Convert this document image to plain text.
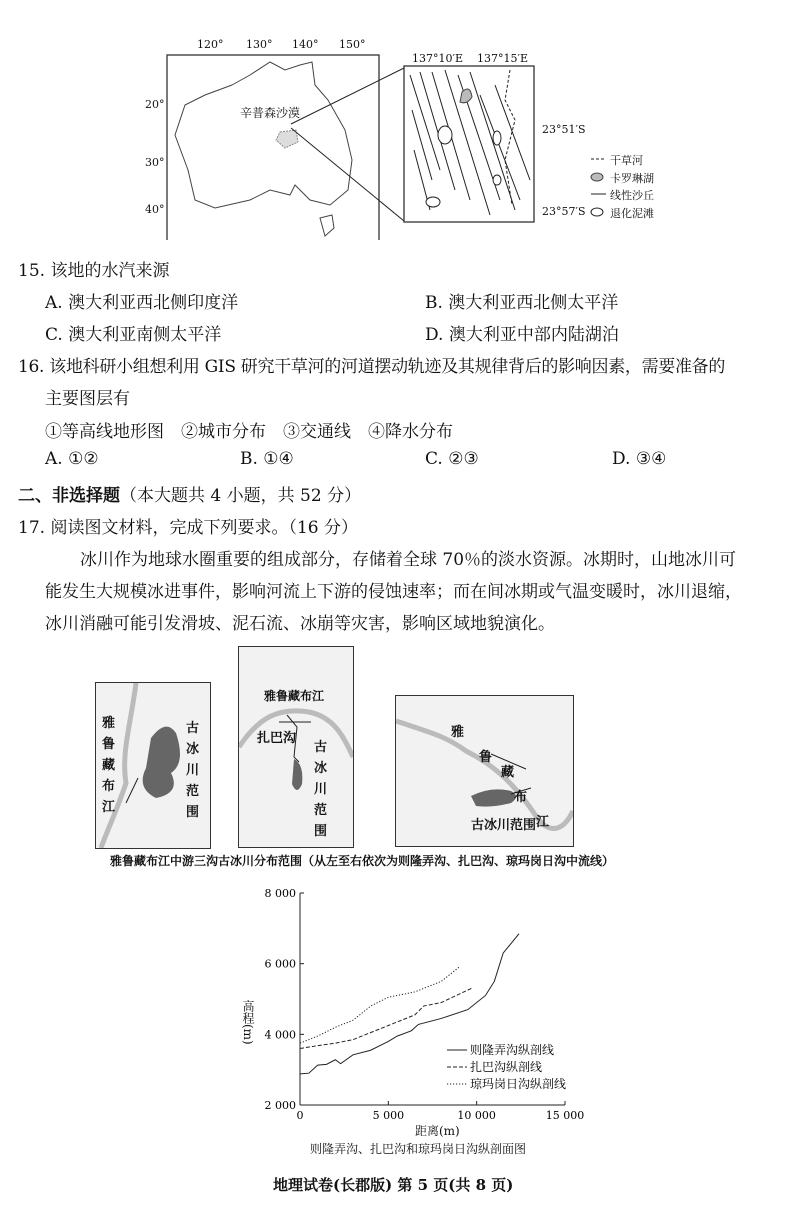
120° 130° 140° 150°
20°
30°
40°
辛普森沙漠
137°10′E 137°15′E
23°51′S
23°57′S
干草河
卡罗琳湖
线性沙丘
退化泥滩
15. 该地的水汽来源
A. 澳大利亚西北侧印度洋	B. 澳大利亚西北侧太平洋
C. 澳大利亚南侧太平洋	D. 澳大利亚中部内陆湖泊
16. 该地科研小组想利用 GIS 研究干草河的河道摆动轨迹及其规律背后的影响因素，需要准备的
主要图层有
①等高线地形图　②城市分布　③交通线　④降水分布
A. ①②	B. ①④	C. ②③	D. ③④
二、非选择题（本大题共 4 小题，共 52 分）
17. 阅读图文材料，完成下列要求。（16 分）
冰川作为地球水圈重要的组成部分，存储着全球 70％的淡水资源。冰期时，山地冰川可
能发生大规模冰进事件，影响河流上下游的侵蚀速率；而在间冰期或气温变暖时，冰川退缩，
冰川消融可能引发滑坡、泥石流、冰崩等灾害，影响区域地貌演化。
雅鲁藏布江
古冰川范围
雅鲁藏布江
扎巴沟
古冰川范围
雅
鲁
藏
布
江
古冰川范围
雅鲁藏布江中游三沟古冰川分布范围（从左至右依次为则隆弄沟、扎巴沟、琼玛岗日沟中流线）
2 000
4 000
6 000
8 000
0	5 000	10 000	15 000
则隆弄沟纵剖线
扎巴沟纵剖线
琼玛岗日沟纵剖线
高程(m)
距离(m)
则隆弄沟、扎巴沟和琼玛岗日沟纵剖面图
地理试卷(长郡版) 第 5 页(共 8 页)
